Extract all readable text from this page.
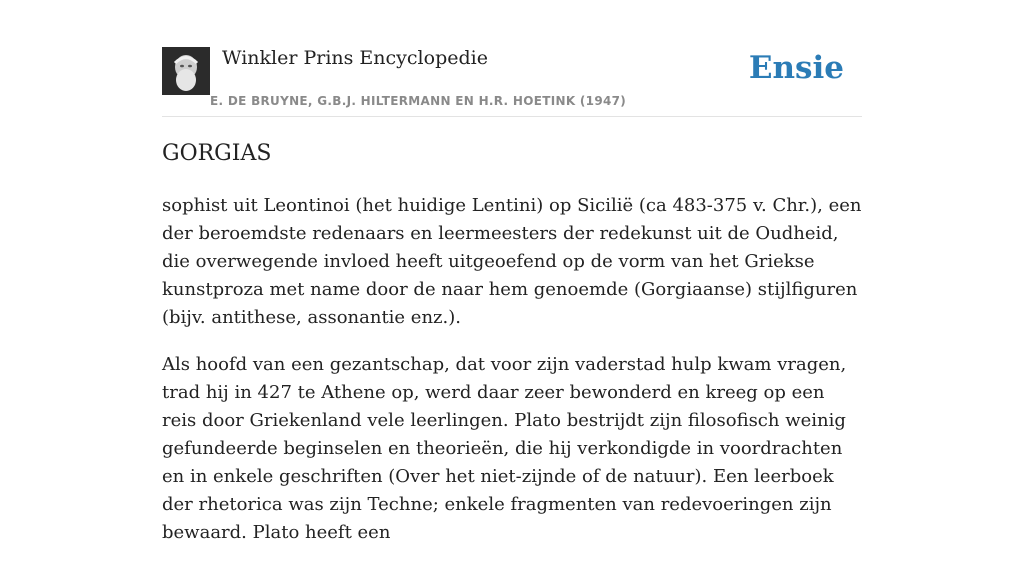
Winkler Prins Encyclopedie
E. DE BRUYNE, G.B.J. HILTERMANN EN H.R. HOETINK (1947)
Ensie
GORGIAS

sophist uit Leontinoi (het huidige Lentini) op Sicilië (ca 483-375 v. Chr.), een der beroemdste redenaars en leermeesters der redekunst uit de Oudheid, die overwegende invloed heeft uitgeoefend op de vorm van het Griekse kunstproza met name door de naar hem genoemde (Gorgiaanse) stijlfiguren (bijv. antithese, assonantie enz.).

Als hoofd van een gezantschap, dat voor zijn vaderstad hulp kwam vragen, trad hij in 427 te Athene op, werd daar zeer bewonderd en kreeg op een reis door Griekenland vele leerlingen. Plato bestrijdt zijn filosofisch weinig gefundeerde beginselen en theorieën, die hij verkondigde in voordrachten en in enkele geschriften (Over het niet-zijnde of de natuur). Een leerboek der rhetorica was zijn Techne; enkele fragmenten van redevoeringen zijn bewaard. Plato heeft een
